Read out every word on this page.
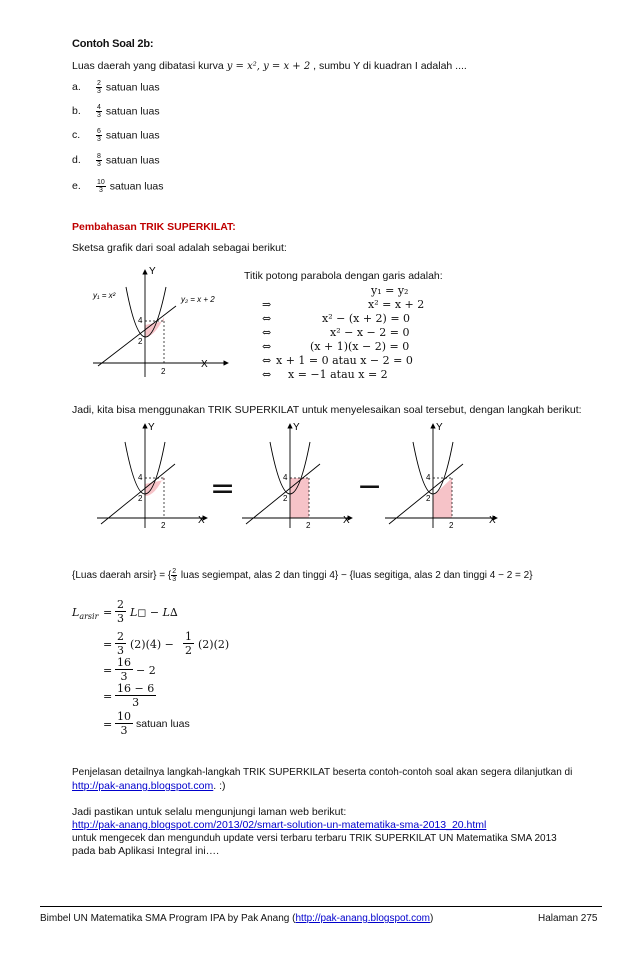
Contoh Soal 2b:
Luas daerah yang dibatasi kurva y = x², y = x + 2 , sumbu Y di kuadran I adalah ....
a. $\frac{2}{3}$ satuan luas
b. $\frac{4}{3}$ satuan luas
c. $\frac{6}{3}$ satuan luas
d. $\frac{8}{3}$ satuan luas
e. $\frac{10}{3}$ satuan luas
Pembahasan TRIK SUPERKILAT:
Sketsa grafik dari soal adalah sebagai berikut:
Y
X
y₁ = x²	y₂ = x + 2
4
2
2
Titik potong parabola dengan garis adalah:
y₁ = y₂
⇒	x² = x + 2
⇔	x² − (x + 2) = 0
⇔	x² − x − 2 = 0
⇔	(x + 1)(x − 2) = 0
⇔ x + 1 = 0 atau x − 2 = 0
⇔ x = −1 atau x = 2
Jadi, kita bisa menggunakan TRIK SUPERKILAT untuk menyelesaikan soal tersebut, dengan langkah berikut:
Y
X
4
2
2
=
Y
X
4
2
2
−
Y
X
4
2
2
{Luas daerah arsir} = { $\frac{2}{3}$ luas segiempat, alas 2 dan tinggi 4} − {luas segitiga, alas 2 dan tinggi 4 − 2 = 2}
$L_{arsir} = \frac{2}{3}$ L◻ − L∆
= $\frac{2}{3} (2)(4) - \frac{1}{2} (2)(2)$
= $\frac{16}{3} - 2$
= $\frac{16 - 6}{3}$
= $\frac{10}{3}$ satuan luas
Penjelasan detailnya langkah-langkah TRIK SUPERKILAT beserta contoh-contoh soal akan segera dilanjutkan di
http://pak-anang.blogspot.com. :)
Jadi pastikan untuk selalu mengunjungi laman web berikut:
http://pak-anang.blogspot.com/2013/02/smart-solution-un-matematika-sma-2013_20.html
untuk mengecek dan mengunduh update versi terbaru terbaru TRIK SUPERKILAT UN Matematika SMA 2013
pada bab Aplikasi Integral ini….
Bimbel UN Matematika SMA Program IPA by Pak Anang (http://pak-anang.blogspot.com)	Halaman 275
